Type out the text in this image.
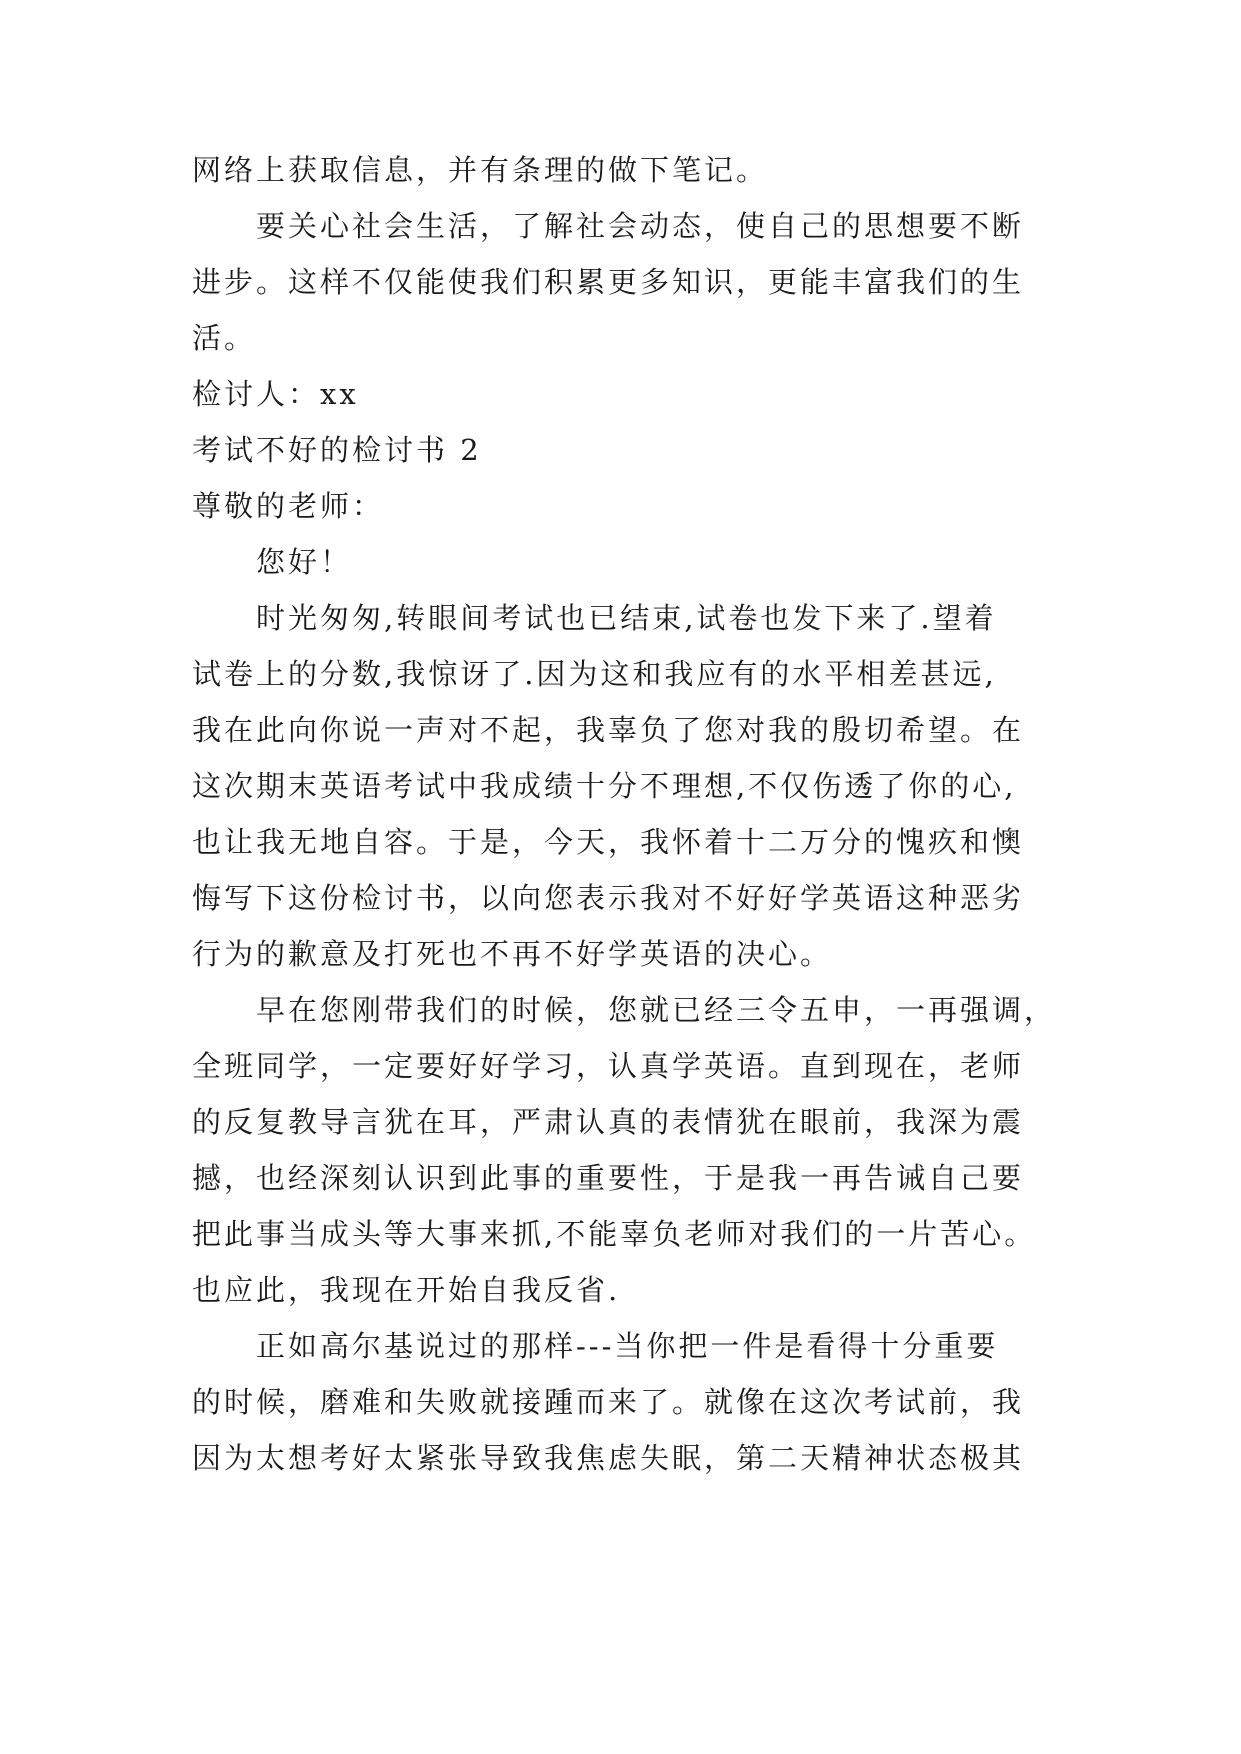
网络上获取信息，并有条理的做下笔记。
要关心社会生活，了解社会动态，使自己的思想要不断
进步。这样不仅能使我们积累更多知识，更能丰富我们的生
活。
检讨人：xx
考试不好的检讨书 2
尊敬的老师：
您好！
时光匆匆,转眼间考试也已结束,试卷也发下来了.望着
试卷上的分数,我惊讶了.因为这和我应有的水平相差甚远,
我在此向你说一声对不起，我辜负了您对我的殷切希望。在
这次期末英语考试中我成绩十分不理想,不仅伤透了你的心,
也让我无地自容。于是，今天，我怀着十二万分的愧疚和懊
悔写下这份检讨书，以向您表示我对不好好学英语这种恶劣
行为的歉意及打死也不再不好学英语的决心。
早在您刚带我们的时候，您就已经三令五申，一再强调，
全班同学，一定要好好学习，认真学英语。直到现在，老师
的反复教导言犹在耳，严肃认真的表情犹在眼前，我深为震
撼，也经深刻认识到此事的重要性，于是我一再告诫自己要
把此事当成头等大事来抓,不能辜负老师对我们的一片苦心。
也应此，我现在开始自我反省.
正如高尔基说过的那样---当你把一件是看得十分重要
的时候，磨难和失败就接踵而来了。就像在这次考试前，我
因为太想考好太紧张导致我焦虑失眠，第二天精神状态极其
